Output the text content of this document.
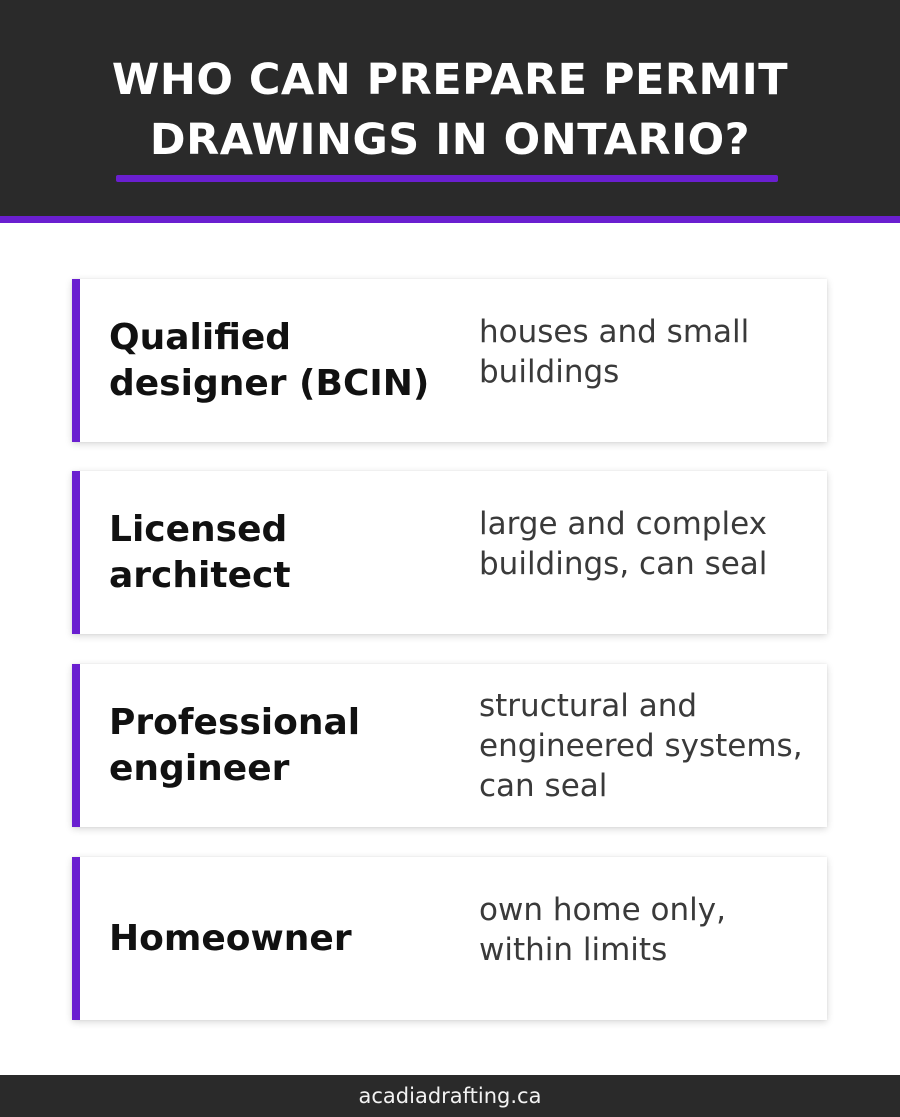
WHO CAN PREPARE PERMIT
DRAWINGS IN ONTARIO?
Qualified
designer (BCIN)
houses and small
buildings
Licensed
architect
large and complex
buildings, can seal
Professional
engineer
structural and
engineered systems,
can seal
Homeowner
own home only,
within limits
acadiadrafting.ca
